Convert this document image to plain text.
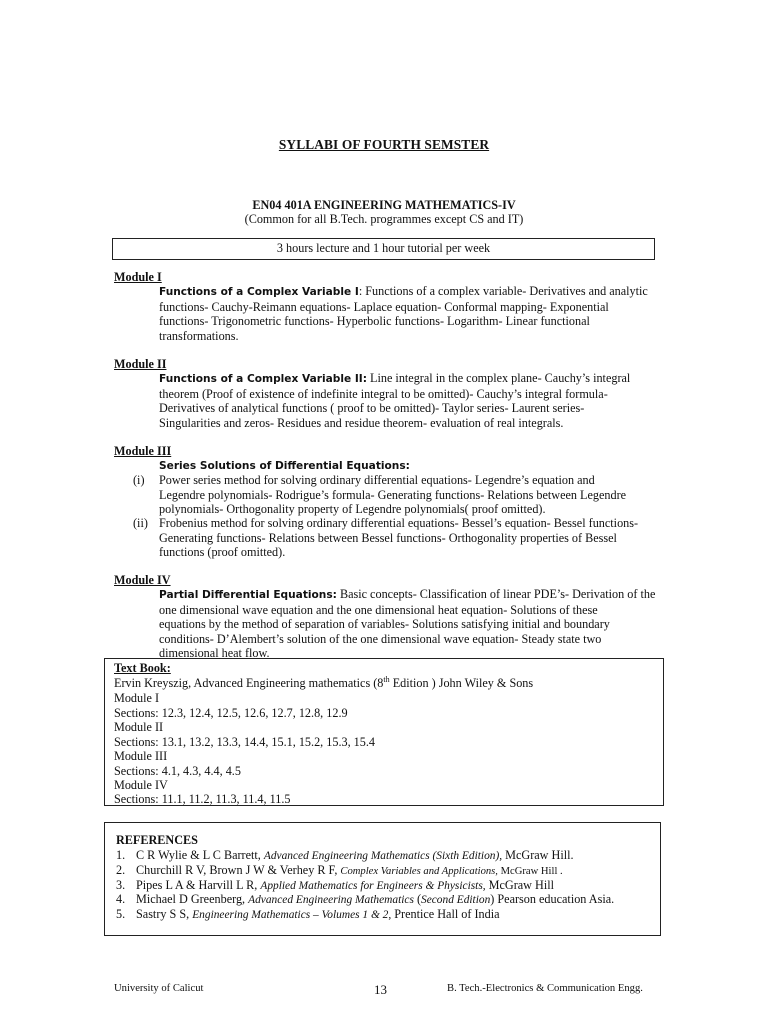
SYLLABI OF FOURTH SEMSTER
EN04 401A ENGINEERING MATHEMATICS-IV
(Common for all B.Tech. programmes except CS and IT)
3 hours lecture and 1 hour tutorial per week
Module I
Functions of a Complex Variable I: Functions of a complex variable- Derivatives and analytic
functions- Cauchy-Reimann equations- Laplace equation- Conformal mapping- Exponential
functions- Trigonometric functions- Hyperbolic functions- Logarithm- Linear functional
transformations.
Module II
Functions of a Complex Variable II: Line integral in the complex plane- Cauchy’s integral
theorem (Proof of existence of indefinite integral to be omitted)- Cauchy’s integral formula-
Derivatives of analytical functions ( proof to be omitted)- Taylor series- Laurent series-
Singularities and zeros- Residues and residue theorem- evaluation of real integrals.
Module III
Series Solutions of Differential Equations:
(i)	Power series method for solving ordinary differential equations- Legendre’s equation and
Legendre polynomials- Rodrigue’s formula- Generating functions- Relations between Legendre
polynomials- Orthogonality property of Legendre polynomials( proof omitted).
(ii) Frobenius method for solving ordinary differential equations- Bessel’s equation- Bessel functions-
Generating functions- Relations between Bessel functions- Orthogonality properties of Bessel
functions (proof omitted).
Module IV
Partial Differential Equations: Basic concepts- Classification of linear PDE’s- Derivation of the
one dimensional wave equation and the one dimensional heat equation- Solutions of these
equations by the method of separation of variables- Solutions satisfying initial and boundary
conditions- D’Alembert’s solution of the one dimensional wave equation- Steady state two
dimensional heat flow.
Text Book:
Ervin Kreyszig, Advanced Engineering mathematics (8th Edition ) John Wiley & Sons
Module I
Sections: 12.3, 12.4, 12.5, 12.6, 12.7, 12.8, 12.9
Module II
Sections: 13.1, 13.2, 13.3, 14.4, 15.1, 15.2, 15.3, 15.4
Module III
Sections: 4.1, 4.3, 4.4, 4.5
Module IV
Sections: 11.1, 11.2, 11.3, 11.4, 11.5
REFERENCES
1. C R Wylie & L C Barrett, Advanced Engineering Mathematics (Sixth Edition), McGraw Hill.
2. Churchill R V, Brown J W & Verhey R F, Complex Variables and Applications, McGraw Hill .
3. Pipes L A & Harvill L R, Applied Mathematics for Engineers & Physicists, McGraw Hill
4. Michael D Greenberg, Advanced Engineering Mathematics (Second Edition) Pearson education Asia.
5. Sastry S S, Engineering Mathematics – Volumes 1 & 2, Prentice Hall of India
University of Calicut	13	B. Tech.-Electronics & Communication Engg.
